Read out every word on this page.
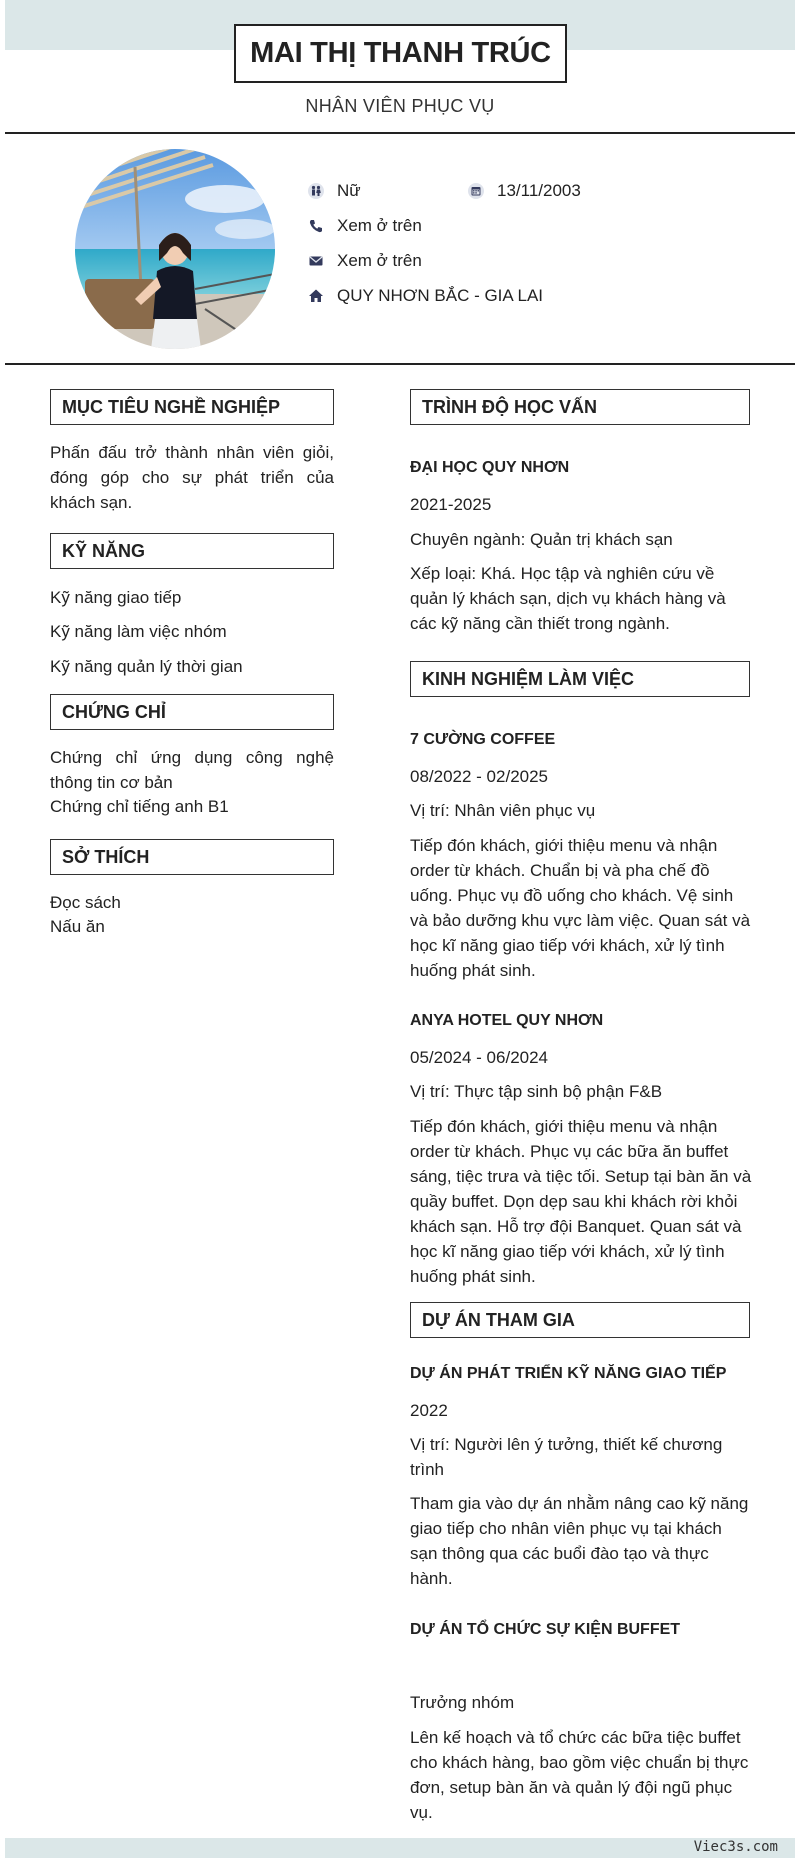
Viec3s.com
MAI THỊ THANH TRÚC
NHÂN VIÊN PHỤC VỤ
Nữ	13/11/2003
Xem ở trên
Xem ở trên
QUY NHƠN BẮC - GIA LAI
MỤC TIÊU NGHỀ NGHIỆP
Phấn đấu trở thành nhân viên giỏi, đóng góp cho sự phát triển của khách sạn.
KỸ NĂNG
Kỹ năng giao tiếp
Kỹ năng làm việc nhóm
Kỹ năng quản lý thời gian
CHỨNG CHỈ
Chứng chỉ ứng dụng công nghệ thông tin cơ bản
Chứng chỉ tiếng anh B1
SỞ THÍCH
Đọc sách
Nấu ăn
TRÌNH ĐỘ HỌC VẤN
ĐẠI HỌC QUY NHƠN
2021-2025
Chuyên ngành: Quản trị khách sạn
Xếp loại: Khá. Học tập và nghiên cứu về quản lý khách sạn, dịch vụ khách hàng và các kỹ năng cần thiết trong ngành.
KINH NGHIỆM LÀM VIỆC
7 CƯỜNG COFFEE
08/2022 - 02/2025
Vị trí: Nhân viên phục vụ
Tiếp đón khách, giới thiệu menu và nhận order từ khách. Chuẩn bị và pha chế đồ uống. Phục vụ đồ uống cho khách. Vệ sinh và bảo dưỡng khu vực làm việc. Quan sát và học kĩ năng giao tiếp với khách, xử lý tình huống phát sinh.
ANYA HOTEL QUY NHƠN
05/2024 - 06/2024
Vị trí: Thực tập sinh bộ phận F&B
Tiếp đón khách, giới thiệu menu và nhận order từ khách. Phục vụ các bữa ăn buffet sáng, tiệc trưa và tiệc tối. Setup tại bàn ăn và quầy buffet. Dọn dẹp sau khi khách rời khỏi khách sạn. Hỗ trợ đội Banquet. Quan sát và học kĩ năng giao tiếp với khách, xử lý tình huống phát sinh.
DỰ ÁN THAM GIA
DỰ ÁN PHÁT TRIỂN KỸ NĂNG GIAO TIẾP
2022
Vị trí: Người lên ý tưởng, thiết kế chương trình
Tham gia vào dự án nhằm nâng cao kỹ năng giao tiếp cho nhân viên phục vụ tại khách sạn thông qua các buổi đào tạo và thực hành.
DỰ ÁN TỔ CHỨC SỰ KIỆN BUFFET
Trưởng nhóm
Lên kế hoạch và tổ chức các bữa tiệc buffet cho khách hàng, bao gồm việc chuẩn bị thực đơn, setup bàn ăn và quản lý đội ngũ phục vụ.
